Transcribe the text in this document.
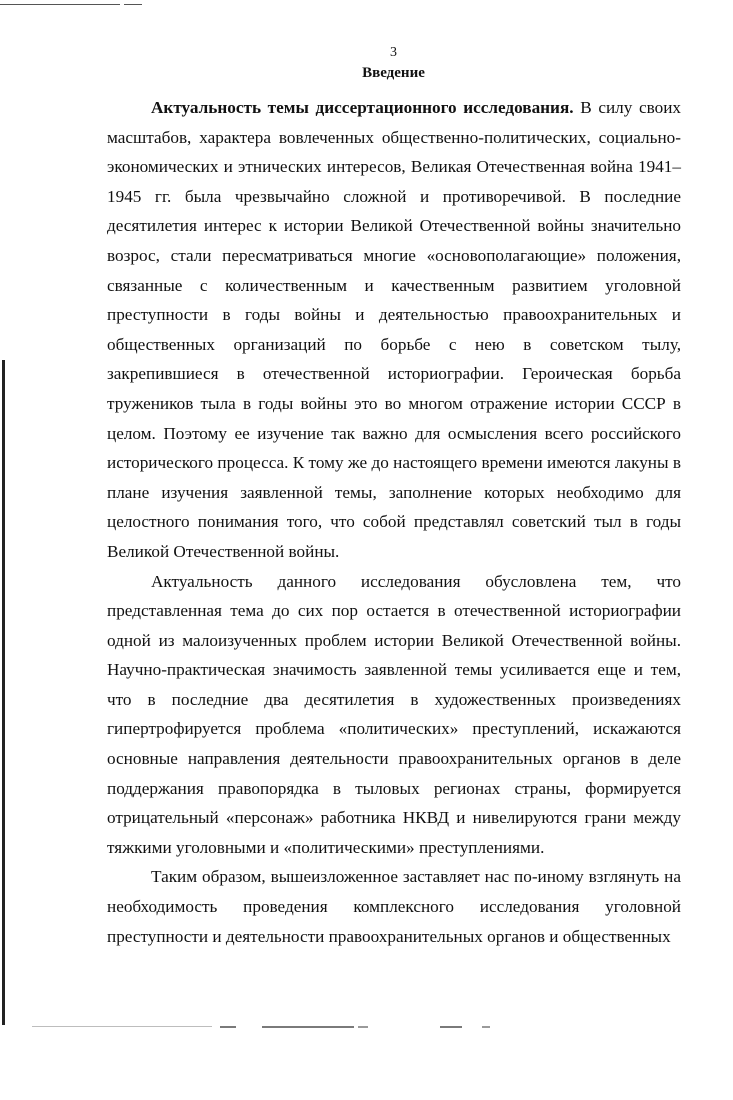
3
Введение

Актуальность темы диссертационного исследования. В силу своих масштабов, характера вовлеченных общественно-политических, социально-экономических и этнических интересов, Великая Отечественная война 1941–1945 гг. была чрезвычайно сложной и противоречивой. В последние десятилетия интерес к истории Великой Отечественной войны значительно возрос, стали пересматриваться многие «основополагающие» положения, связанные с количественным и качественным развитием уголовной преступности в годы войны и деятельностью правоохранительных и общественных организаций по борьбе с нею в советском тылу, закрепившиеся в отечественной историографии. Героическая борьба тружеников тыла в годы войны это во многом отражение истории СССР в целом. Поэтому ее изучение так важно для осмысления всего российского исторического процесса. К тому же до настоящего времени имеются лакуны в плане изучения заявленной темы, заполнение которых необходимо для целостного понимания того, что собой представлял советский тыл в годы Великой Отечественной войны.

Актуальность данного исследования обусловлена тем, что представленная тема до сих пор остается в отечественной историографии одной из малоизученных проблем истории Великой Отечественной войны. Научно-практическая значимость заявленной темы усиливается еще и тем, что в последние два десятилетия в художественных произведениях гипертрофируется проблема «политических» преступлений, искажаются основные направления деятельности правоохранительных органов в деле поддержания правопорядка в тыловых регионах страны, формируется отрицательный «персонаж» работника НКВД и нивелируются грани между тяжкими уголовными и «политическими» преступлениями.

Таким образом, вышеизложенное заставляет нас по-иному взглянуть на необходимость проведения комплексного исследования уголовной преступности и деятельности правоохранительных органов и общественных
